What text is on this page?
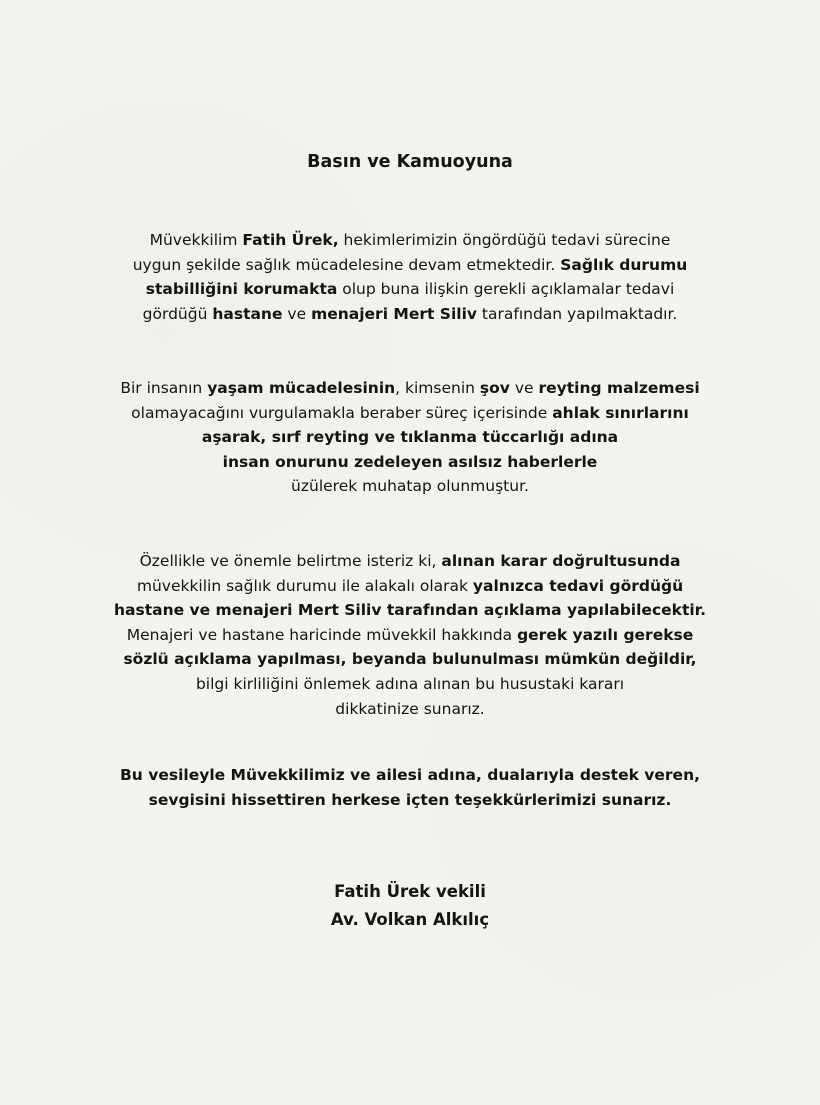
Basın ve Kamuoyuna
Müvekkilim Fatih Ürek, hekimlerimizin öngördüğü tedavi sürecine
uygun şekilde sağlık mücadelesine devam etmektedir. Sağlık durumu
stabilliğini korumakta olup buna ilişkin gerekli açıklamalar tedavi
gördüğü hastane ve menajeri Mert Siliv tarafından yapılmaktadır.
Bir insanın yaşam mücadelesinin, kimsenin şov ve reyting malzemesi
olamayacağını vurgulamakla beraber süreç içerisinde ahlak sınırlarını
aşarak, sırf reyting ve tıklanma tüccarlığı adına
insan onurunu zedeleyen asılsız haberlerle
üzülerek muhatap olunmuştur.
Özellikle ve önemle belirtme isteriz ki, alınan karar doğrultusunda
müvekkilin sağlık durumu ile alakalı olarak yalnızca tedavi gördüğü
hastane ve menajeri Mert Siliv tarafından açıklama yapılabilecektir.
Menajeri ve hastane haricinde müvekkil hakkında gerek yazılı gerekse
sözlü açıklama yapılması, beyanda bulunulması mümkün değildir,
bilgi kirliliğini önlemek adına alınan bu husustaki kararı
dikkatinize sunarız.
Bu vesileyle Müvekkilimiz ve ailesi adına, dualarıyla destek veren,
sevgisini hissettiren herkese içten teşekkürlerimizi sunarız.
Fatih Ürek vekili
Av. Volkan Alkılıç
